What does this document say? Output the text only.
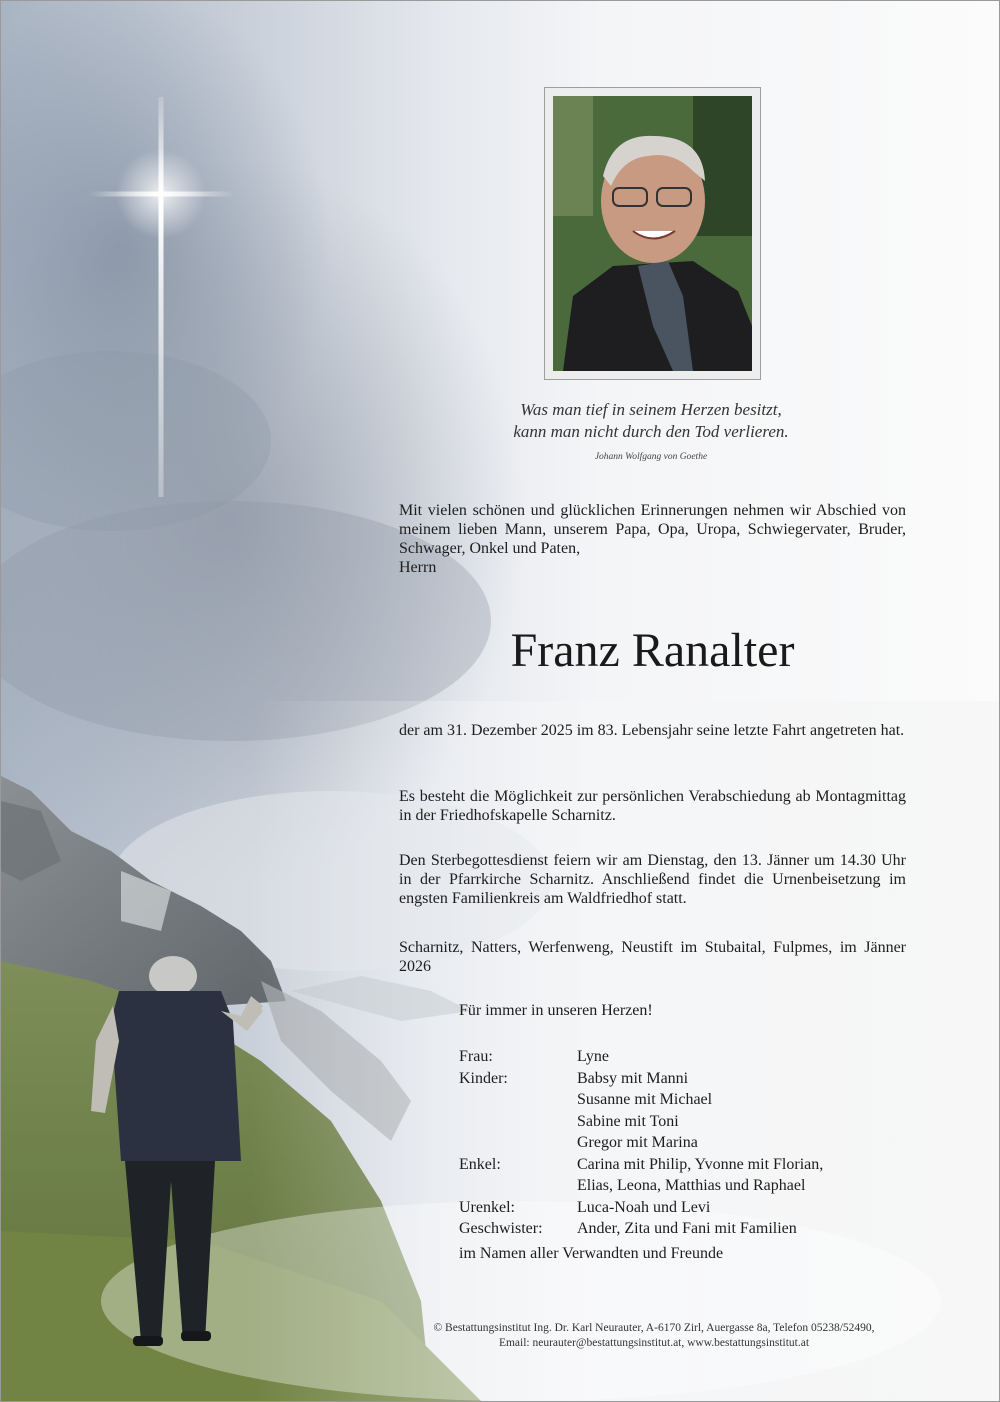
Was man tief in seinem Herzen besitzt,
kann man nicht durch den Tod verlieren.
Johann Wolfgang von Goethe
Mit vielen schönen und glücklichen Erinnerungen nehmen wir Abschied von meinem lieben Mann, unserem Papa, Opa, Uropa, Schwiegervater, Bruder, Schwager, Onkel und Paten,
Herrn
Franz Ranalter
der am 31. Dezember 2025 im 83. Lebensjahr seine letzte Fahrt angetreten hat.
Es besteht die Möglichkeit zur persönlichen Verabschiedung ab Montagmittag in der Friedhofskapelle Scharnitz.
Den Sterbegottesdienst feiern wir am Dienstag, den 13. Jänner um 14.30 Uhr in der Pfarrkirche Scharnitz. Anschließend findet die Urnenbeisetzung im engsten Familienkreis am Waldfriedhof statt.
Scharnitz, Natters, Werfenweng, Neustift im Stubaital, Fulpmes, im Jänner 2026
Für immer in unseren Herzen!
Frau:	Lyne
Kinder:	Babsy mit Manni
Susanne mit Michael
Sabine mit Toni
Gregor mit Marina
Enkel:	Carina mit Philip, Yvonne mit Florian,
Elias, Leona, Matthias und Raphael
Urenkel:	Luca-Noah und Levi
Geschwister:	Ander, Zita und Fani mit Familien
im Namen aller Verwandten und Freunde
© Bestattungsinstitut Ing. Dr. Karl Neurauter, A-6170 Zirl, Auergasse 8a, Telefon 05238/52490,
Email: neurauter@bestattungsinstitut.at, www.bestattungsinstitut.at
